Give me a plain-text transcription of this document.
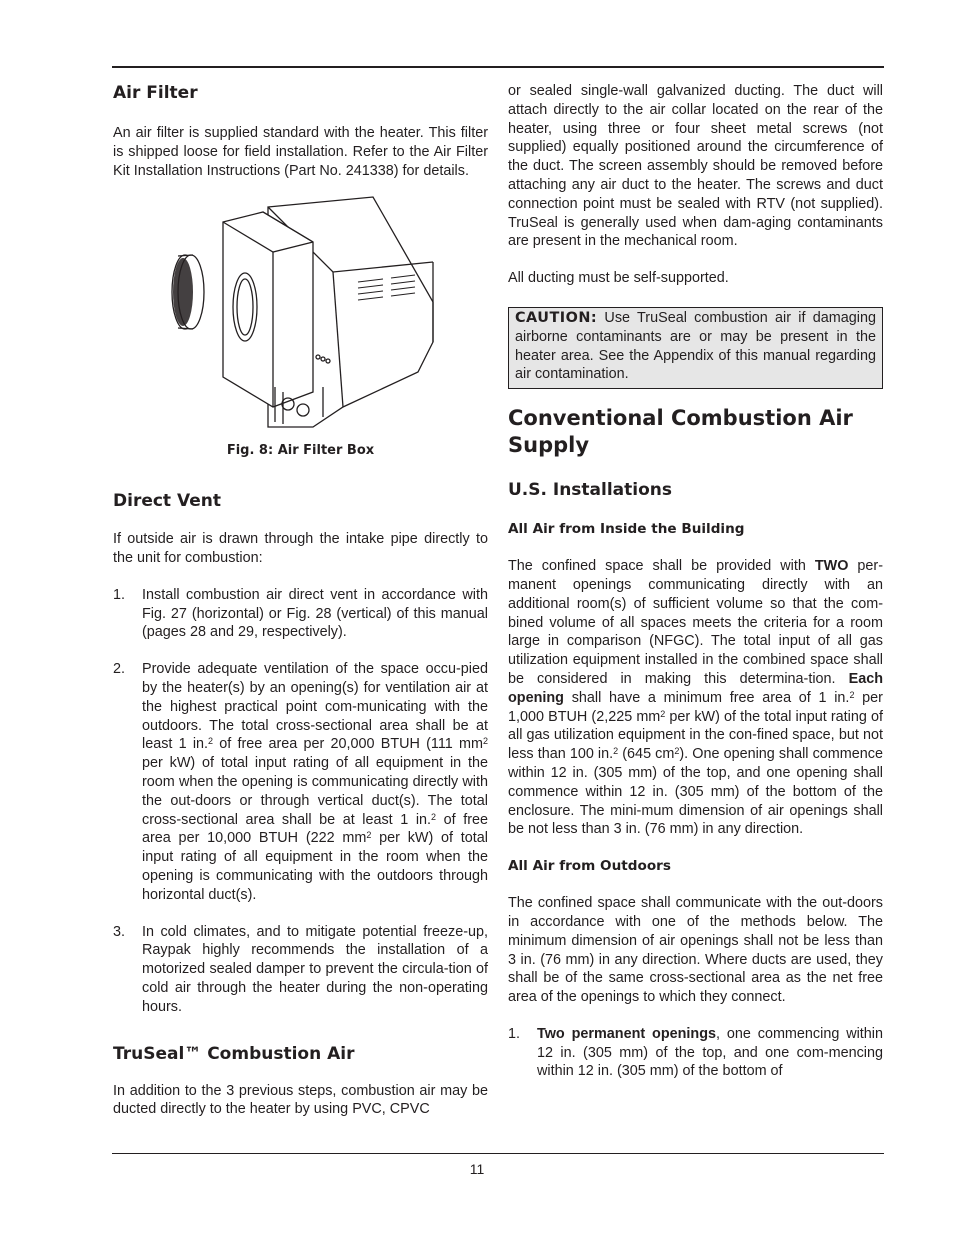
Air Filter

An air filter is supplied standard with the heater. This filter is shipped loose for field installation. Refer to the Air Filter Kit Installation Instructions (Part No. 241338) for details.

Fig. 8: Air Filter Box
Direct Vent

If outside air is drawn through the intake pipe directly to the unit for combustion:

1.	Install combustion air direct vent in accordance with Fig. 27 (horizontal) or Fig. 28 (vertical) of this manual (pages 28 and 29, respectively).
2.	Provide adequate ventilation of the space occu-pied by the heater(s) by an opening(s) for ventilation air at the highest practical point com-municating with the outdoors. The total cross-sectional area shall be at least 1 in.$^2$ of free area per 20,000 BTUH (111 $mm^2$ per kW) of total input rating of all equipment in the room when the opening is communicating directly with the out-doors or through vertical duct(s). The total cross-sectional area shall be at least 1 in.$^2$ of free area per 10,000 BTUH (222 $mm^2$ per kW) of total input rating of all equipment in the room when the opening is communicating with the outdoors through horizontal duct(s).
3.	In cold climates, and to mitigate potential freeze-up, Raypak highly recommends the installation of a motorized sealed damper to prevent the circula-tion of cold air through the heater during the non-operating hours.
TruSeal™ Combustion Air

In addition to the 3 previous steps, combustion air may be ducted directly to the heater by using PVC, CPVC

or sealed single-wall galvanized ducting. The duct will attach directly to the air collar located on the rear of the heater, using three or four sheet metal screws (not supplied) equally positioned around the circumference of the duct. The screen assembly should be removed before attaching any air duct to the heater. The screws and duct connection point must be sealed with RTV (not supplied). TruSeal is generally used when dam-aging contaminants are present in the mechanical room.

All ducting must be self-supported.

CAUTION: Use TruSeal combustion air if damaging airborne contaminants are or may be present in the heater area. See the Appendix of this manual regarding air contamination.
Conventional Combustion Air Supply
U.S. Installations
All Air from Inside the Building

The confined space shall be provided with TWO per-manent openings communicating directly with an additional room(s) of sufficient volume so that the com-bined volume of all spaces meets the criteria for a room large in comparison (NFGC). The total input of all gas utilization equipment installed in the combined space shall be considered in making this determina-tion. Each opening shall have a minimum free area of 1 in.$^2$ per 1,000 BTUH (2,225 $mm^2$ per kW) of the total input rating of all gas utilization equipment in the con-fined space, but not less than 100 in.$^2$ (645 $cm^2$). One opening shall commence within 12 in. (305 mm) of the top, and one opening shall commence within 12 in. (305 mm) of the bottom of the enclosure. The mini-mum dimension of air openings shall be not less than 3 in. (76 mm) in any direction.

All Air from Outdoors

The confined space shall communicate with the out-doors in accordance with one of the methods below. The minimum dimension of air openings shall not be less than 3 in. (76 mm) in any direction. Where ducts are used, they shall be of the same cross-sectional area as the net free area of the openings to which they connect.

1.	Two permanent openings, one commencing within 12 in. (305 mm) of the top, and one com-mencing within 12 in. (305 mm) of the bottom of
11
